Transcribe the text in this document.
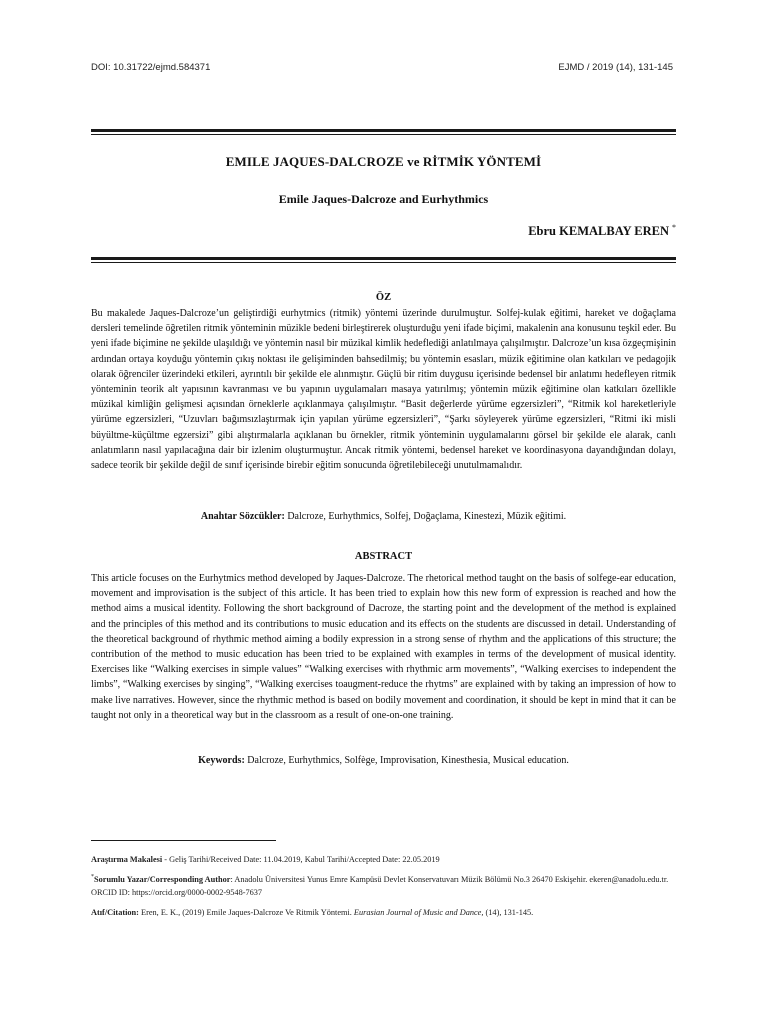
DOI: 10.31722/ejmd.584371	EJMD / 2019 (14), 131-145
EMILE JAQUES-DALCROZE ve RİTMİK YÖNTEMİ
Emile Jaques-Dalcroze and Eurhythmics
Ebru KEMALBAY EREN *
ÖZ

Bu makalede Jaques-Dalcroze’un geliştirdiği eurhytmics (ritmik) yöntemi üzerinde durulmuştur. Solfej-kulak eğitimi, hareket ve doğaçlama dersleri temelinde öğretilen ritmik yönteminin müzikle bedeni birleştirerek oluşturduğu yeni ifade biçimi, makalenin ana konusunu teşkil eder. Bu yeni ifade biçimine ne şekilde ulaşıldığı ve yöntemin nasıl bir müzikal kimlik hedeflediği anlatılmaya çalışılmıştır. Dalcroze’un kısa özgeçmişinin ardından ortaya koyduğu yöntemin çıkış noktası ile gelişiminden bahsedilmiş; bu yöntemin esasları, müzik eğitimine olan katkıları ve pedagojik olarak öğrenciler üzerindeki etkileri, ayrıntılı bir şekilde ele alınmıştır. Güçlü bir ritim duygusu içerisinde bedensel bir anlatımı hedefleyen ritmik yönteminin teorik alt yapısının kavranması ve bu yapının uygulamaları masaya yatırılmış; yöntemin müzik eğitimine olan katkıları özellikle müzikal kimliğin gelişmesi açısından örneklerle açıklanmaya çalışılmıştır. “Basit değerlerde yürüme egzersizleri”, “Ritmik kol hareketleriyle yürüme egzersizleri, “Uzuvları bağımsızlaştırmak için yapılan yürüme egzersizleri”, “Şarkı söyleyerek yürüme egzersizleri, “Ritmi iki misli büyültme-küçültme egzersizi” gibi alıştırmalarla açıklanan bu örnekler, ritmik yönteminin uygulamalarını görsel bir şekilde ele alarak, canlı anlatımların nasıl yapılacağına dair bir izlenim oluşturmuştur. Ancak ritmik yöntemi, bedensel hareket ve koordinasyona dayandığından dolayı, sadece teorik bir şekilde değil de sınıf içerisinde birebir eğitim sonucunda öğretilebileceği unutulmamalıdır.

Anahtar Sözcükler: Dalcroze, Eurhythmics, Solfej, Doğaçlama, Kinestezi, Müzik eğitimi.
ABSTRACT

This article focuses on the Eurhytmics method developed by Jaques-Dalcroze. The rhetorical method taught on the basis of solfege-ear education, movement and improvisation is the subject of this article. It has been tried to explain how this new form of expression is reached and how the method aims a musical identity. Following the short background of Dacroze, the starting point and the development of the method is explained and the principles of this method and its contributions to music education and its effects on the students are discussed in detail. Understanding of the theoretical background of rhythmic method aiming a bodily expression in a strong sense of rhythm and the applications of this structure; the contribution of the method to music education has been tried to be explained with examples in terms of the development of musical identity. Exercises like “Walking exercises in simple values” “Walking exercises with rhythmic arm movements”, “Walking exercises to independent the limbs”, “Walking exercises by singing”, “Walking exercises toaugment-reduce the rhytms” are explained with by taking an impression of how to make live narratives. However, since the rhythmic method is based on bodily movement and coordination, it should be kept in mind that it can be taught not only in a theoretical way but in the classroom as a result of one-on-one training.

Keywords: Dalcroze, Eurhythmics, Solfège, Improvisation, Kinesthesia, Musical education.
Araştırma Makalesi - Geliş Tarihi/Received Date: 11.04.2019, Kabul Tarihi/Accepted Date: 22.05.2019
*Sorumlu Yazar/Corresponding Author: Anadolu Üniversitesi Yunus Emre Kampüsü Devlet Konservatuvarı Müzik Bölümü No.3 26470 Eskişehir. ekeren@anadolu.edu.tr. ORCID ID: https://orcid.org/0000-0002-9548-7637
Atıf/Citation: Eren, E. K., (2019) Emile Jaques-Dalcroze Ve Ritmik Yöntemi. Eurasian Journal of Music and Dance, (14), 131-145.
